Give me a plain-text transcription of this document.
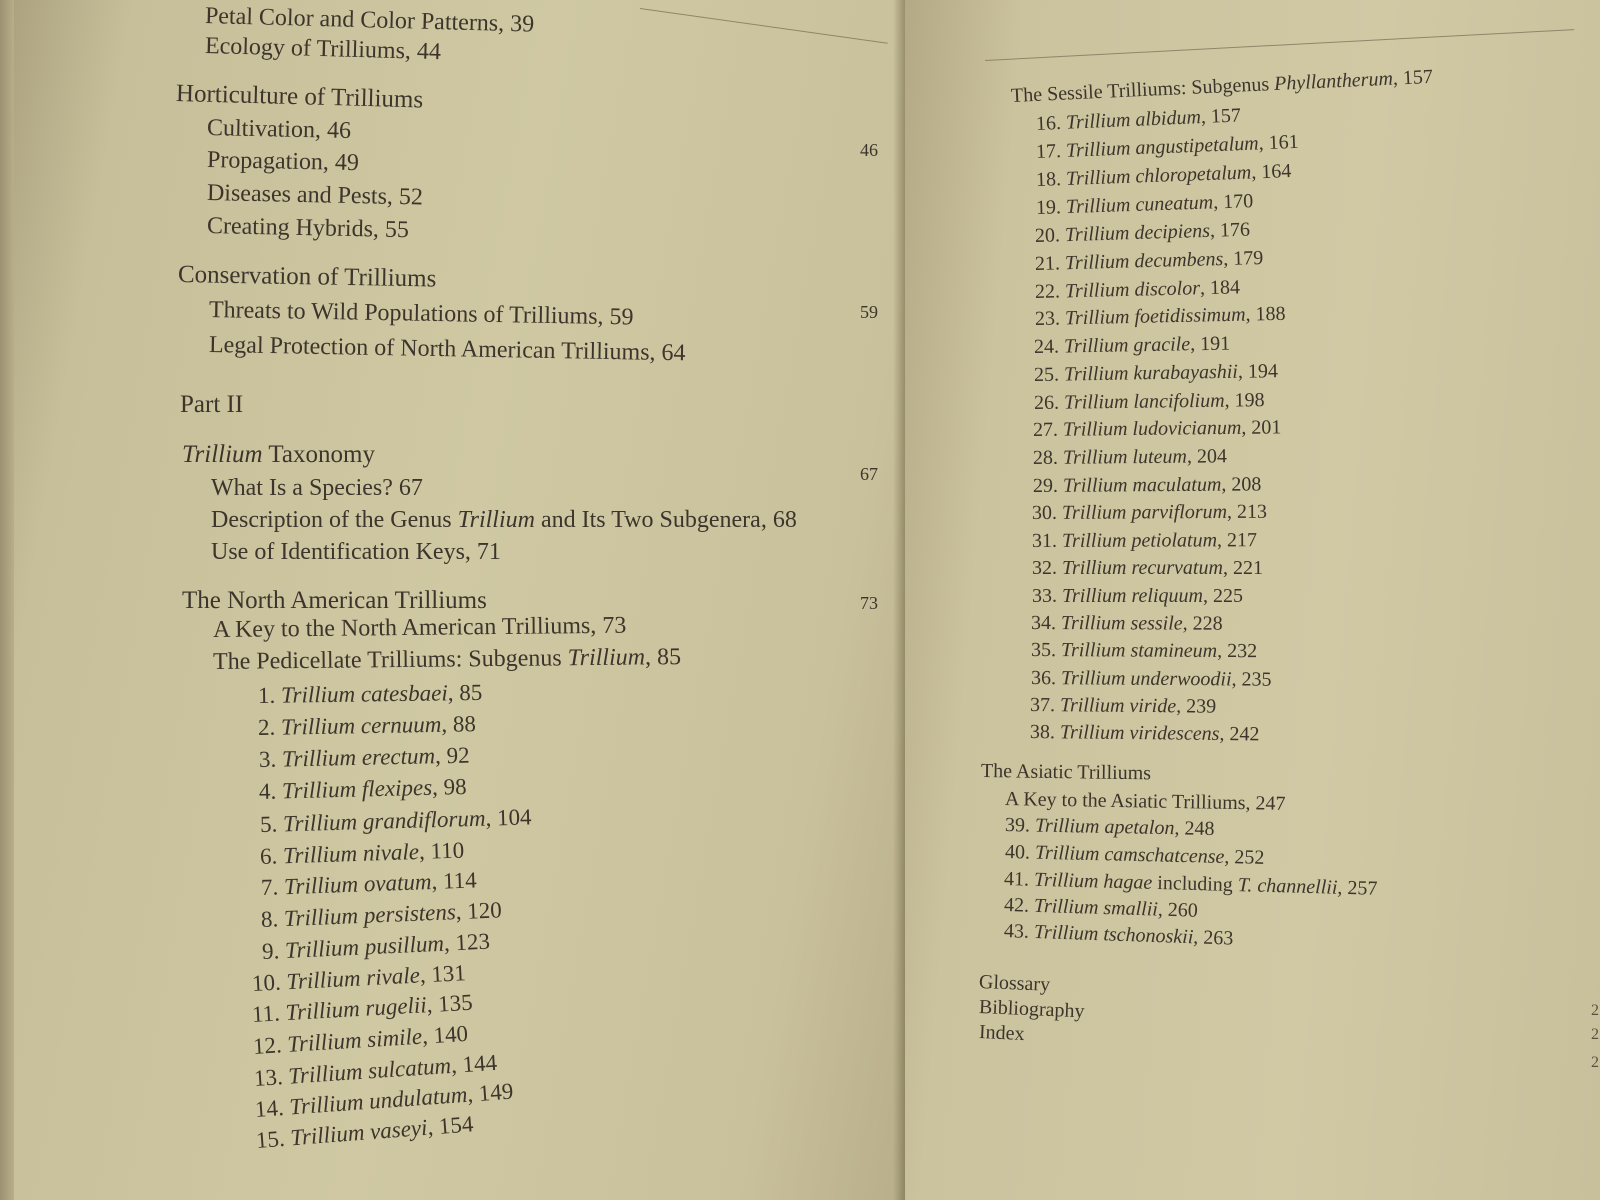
Petal Color and Color Patterns, 39
Ecology of Trilliums, 44
Horticulture of Trilliums
Cultivation, 46
Propagation, 49
Diseases and Pests, 52
Creating Hybrids, 55
Conservation of Trilliums
Threats to Wild Populations of Trilliums, 59
Legal Protection of North American Trilliums, 64
Part II
Trillium Taxonomy
What Is a Species? 67
Description of the Genus Trillium and Its Two Subgenera, 68
Use of Identification Keys, 71
The North American Trilliums
A Key to the North American Trilliums, 73
The Pedicellate Trilliums: Subgenus Trillium, 85
1. Trillium catesbaei, 85
2. Trillium cernuum, 88
3. Trillium erectum, 92
4. Trillium flexipes, 98
5. Trillium grandiflorum, 104
6. Trillium nivale, 110
7. Trillium ovatum, 114
8. Trillium persistens, 120
9. Trillium pusillum, 123
10. Trillium rivale, 131
11. Trillium rugelii, 135
12. Trillium simile, 140
13. Trillium sulcatum, 144
14. Trillium undulatum, 149
15. Trillium vaseyi, 154
46
59
67
73
The Sessile Trilliums: Subgenus Phyllantherum, 157
16. Trillium albidum, 157
17. Trillium angustipetalum, 161
18. Trillium chloropetalum, 164
19. Trillium cuneatum, 170
20. Trillium decipiens, 176
21. Trillium decumbens, 179
22. Trillium discolor, 184
23. Trillium foetidissimum, 188
24. Trillium gracile, 191
25. Trillium kurabayashii, 194
26. Trillium lancifolium, 198
27. Trillium ludovicianum, 201
28. Trillium luteum, 204
29. Trillium maculatum, 208
30. Trillium parviflorum, 213
31. Trillium petiolatum, 217
32. Trillium recurvatum, 221
33. Trillium reliquum, 225
34. Trillium sessile, 228
35. Trillium stamineum, 232
36. Trillium underwoodii, 235
37. Trillium viride, 239
38. Trillium viridescens, 242
The Asiatic Trilliums
A Key to the Asiatic Trilliums, 247
39. Trillium apetalon, 248
40. Trillium camschatcense, 252
41. Trillium hagae including T. channellii, 257
42. Trillium smallii, 260
43. Trillium tschonoskii, 263
Glossary
Bibliography
Index
2
2
2
